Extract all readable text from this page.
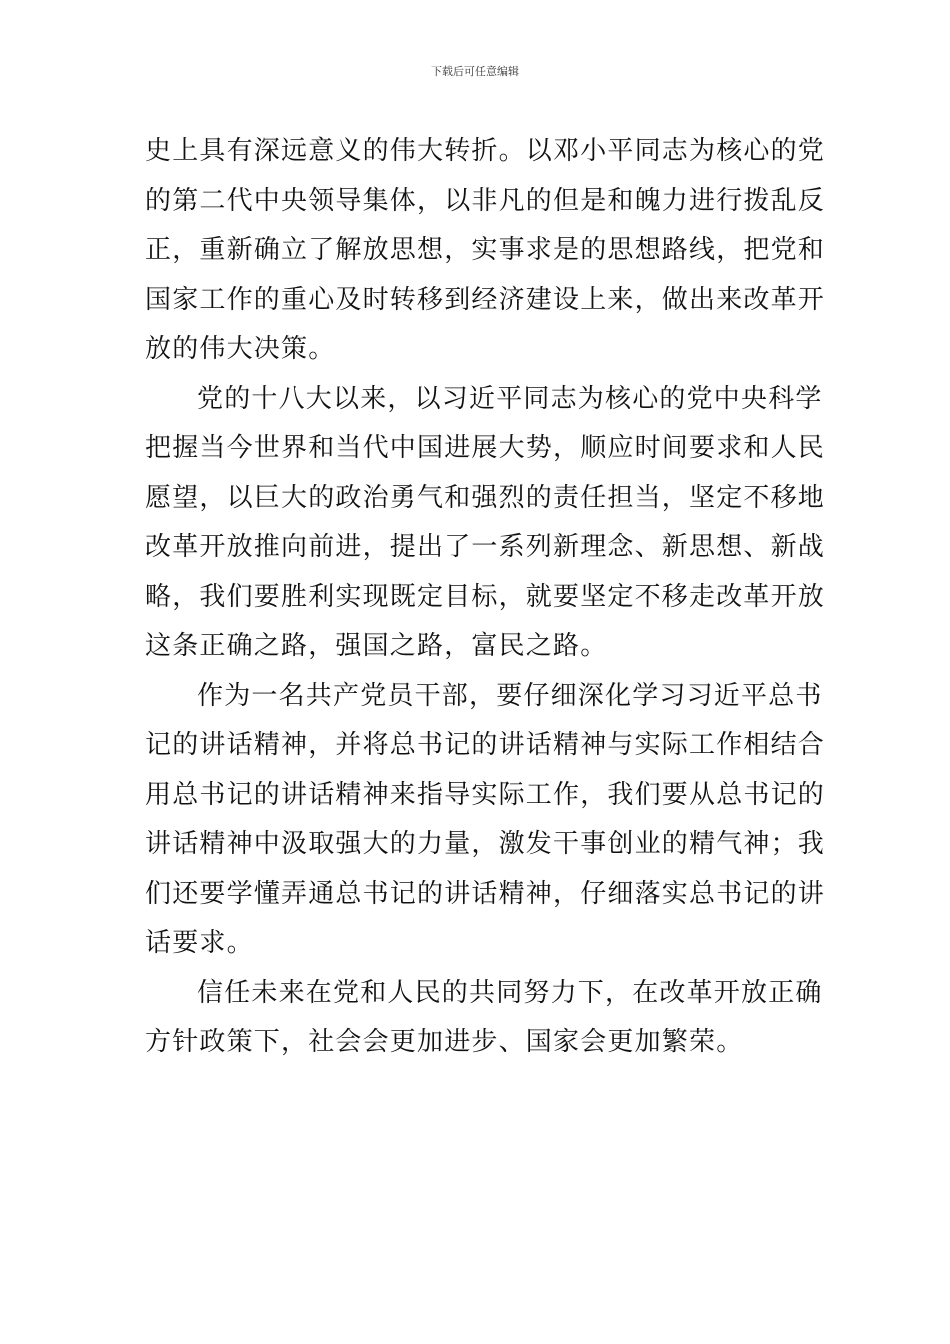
下载后可任意编辑
史上具有深远意义的伟大转折。以邓小平同志为核心的党
的第二代中央领导集体，以非凡的但是和魄力进行拨乱反
正，重新确立了解放思想，实事求是的思想路线，把党和
国家工作的重心及时转移到经济建设上来，做出来改革开
放的伟大决策。
党的十八大以来，以习近平同志为核心的党中央科学
把握当今世界和当代中国进展大势，顺应时间要求和人民
愿望，以巨大的政治勇气和强烈的责任担当，坚定不移地
改革开放推向前进，提出了一系列新理念、新思想、新战
略，我们要胜利实现既定目标，就要坚定不移走改革开放
这条正确之路，强国之路，富民之路。
作为一名共产党员干部，要仔细深化学习习近平总书
记的讲话精神，并将总书记的讲话精神与实际工作相结合
用总书记的讲话精神来指导实际工作，我们要从总书记的
讲话精神中汲取强大的力量，激发干事创业的精气神；我
们还要学懂弄通总书记的讲话精神，仔细落实总书记的讲
话要求。
信任未来在党和人民的共同努力下，在改革开放正确
方针政策下，社会会更加进步、国家会更加繁荣。
